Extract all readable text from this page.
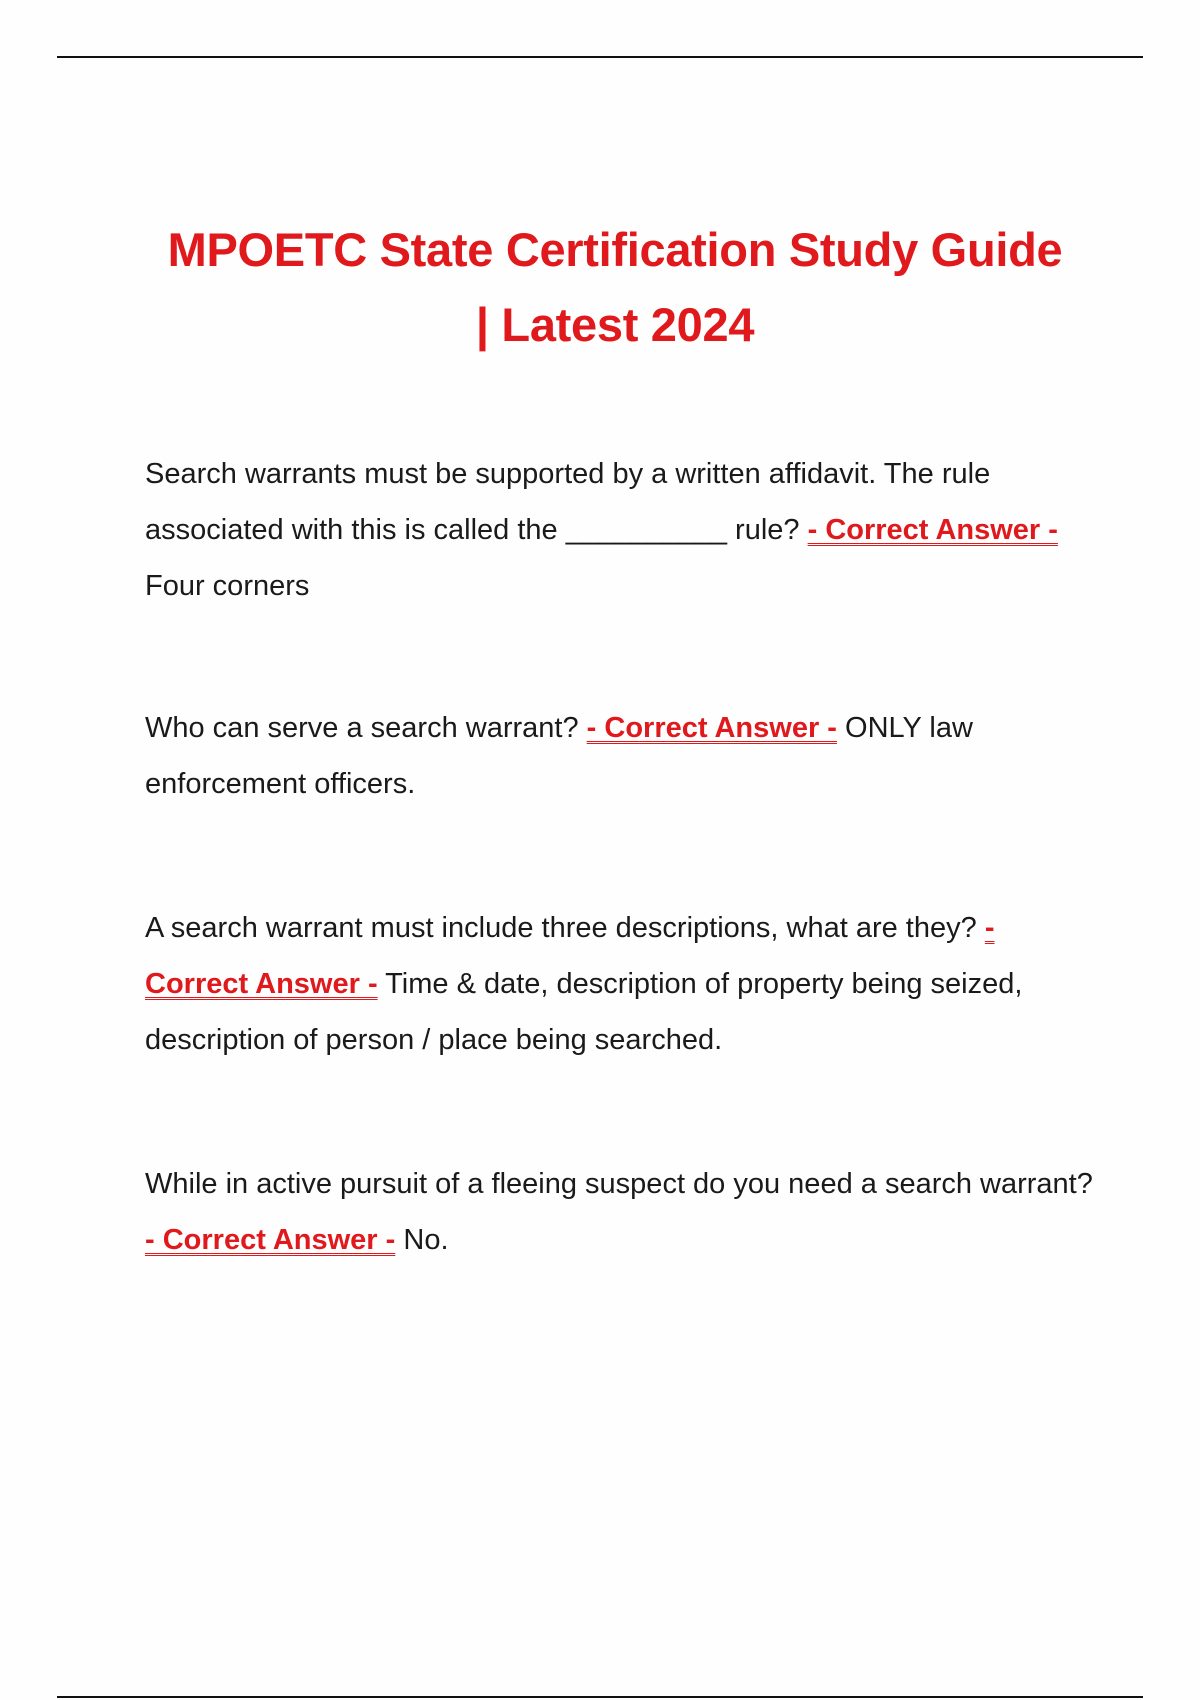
MPOETC State Certification Study Guide
| Latest 2024

Search warrants must be supported by a written affidavit. The rule associated with this is called the __________ rule? - Correct Answer - Four corners

Who can serve a search warrant? - Correct Answer - ONLY law enforcement officers.

A search warrant must include three descriptions, what are they? - Correct Answer - Time & date, description of property being seized, description of person / place being searched.

While in active pursuit of a fleeing suspect do you need a search warrant? - Correct Answer - No.
